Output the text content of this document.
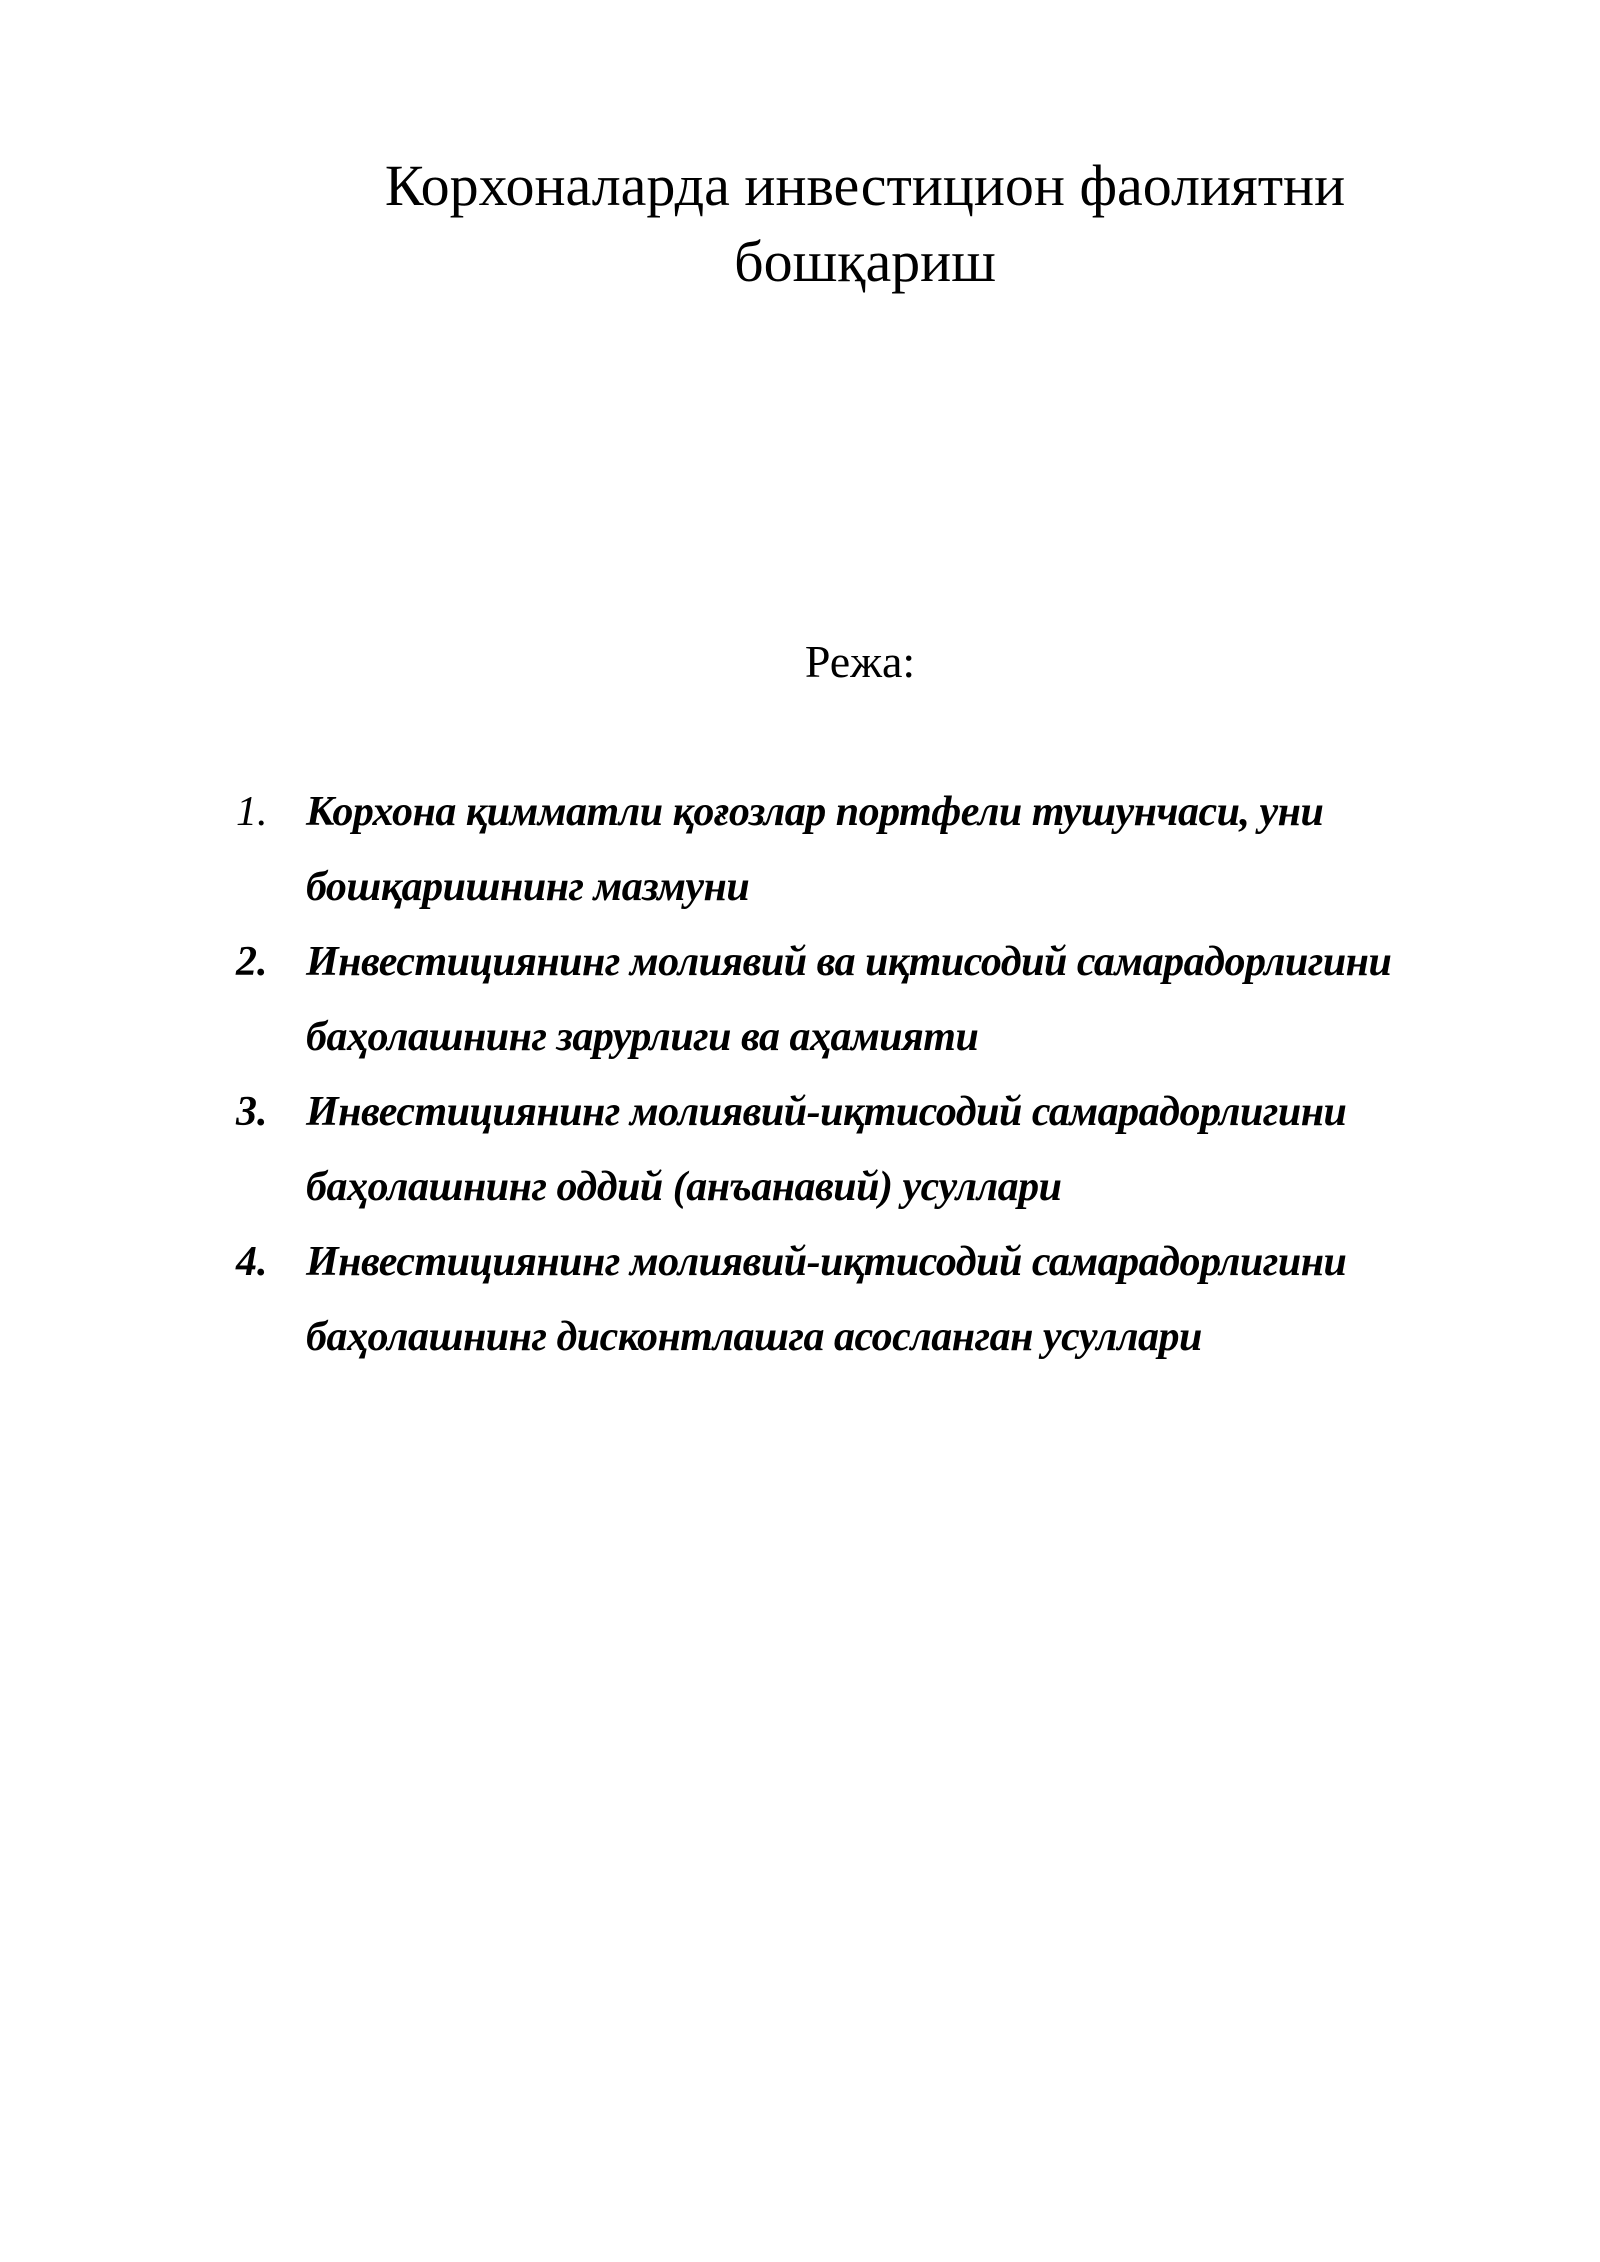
Корхоналарда инвестицион фаолиятни
бошқариш
Режа:
1. Корхона қимматли қоғозлар портфели тушунчаси, уни
бошқаришнинг мазмуни
2. Инвестициянинг молиявий ва иқтисодий самарадорлигини
баҳолашнинг зарурлиги ва аҳамияти
3. Инвестициянинг молиявий-иқтисодий самарадорлигини
баҳолашнинг оддий (анъанавий) усуллари
4. Инвестициянинг молиявий-иқтисодий самарадорлигини
баҳолашнинг дисконтлашга асосланган усуллари
